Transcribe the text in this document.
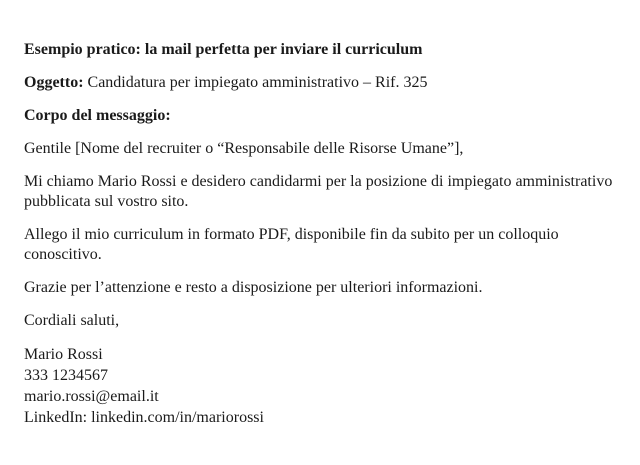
Esempio pratico: la mail perfetta per inviare il curriculum

Oggetto: Candidatura per impiegato amministrativo – Rif. 325

Corpo del messaggio:

Gentile [Nome del recruiter o “Responsabile delle Risorse Umane”],

Mi chiamo Mario Rossi e desidero candidarmi per la posizione di impiegato amministrativo pubblicata sul vostro sito.

Allego il mio curriculum in formato PDF, disponibile fin da subito per un colloquio conoscitivo.

Grazie per l’attenzione e resto a disposizione per ulteriori informazioni.

Cordiali saluti,

Mario Rossi
333 1234567
mario.rossi@email.it
LinkedIn: linkedin.com/in/mariorossi
